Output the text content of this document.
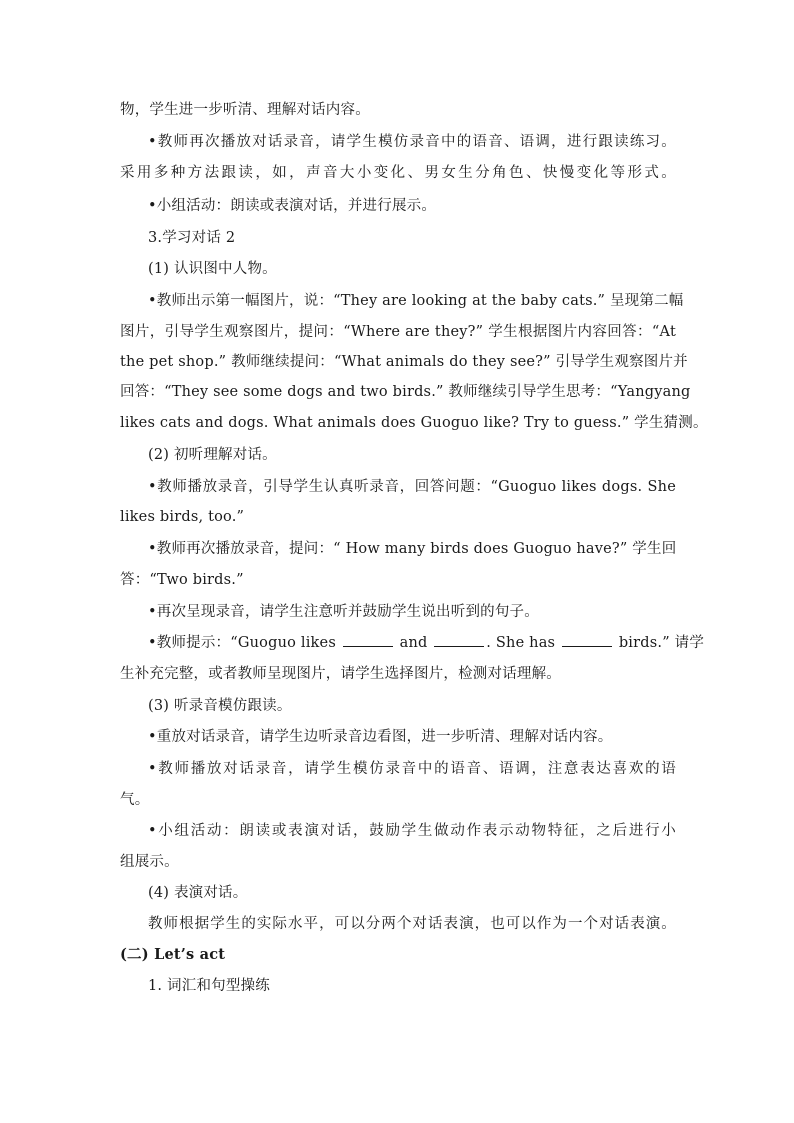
物，学生进一步听清、理解对话内容。
•教师再次播放对话录音，请学生模仿录音中的语音、语调，进行跟读练习。
采用多种方法跟读，如，声音大小变化、男女生分角色、快慢变化等形式。
•小组活动：朗读或表演对话，并进行展示。
3.学习对话 2
(1) 认识图中人物。
•教师出示第一幅图片，说：“They are looking at the baby cats.” 呈现第二幅
图片，引导学生观察图片，提问：“Where are they?” 学生根据图片内容回答：“At
the pet shop.” 教师继续提问：“What animals do they see?” 引导学生观察图片并
回答：“They see some dogs and two birds.” 教师继续引导学生思考：“Yangyang
likes cats and dogs. What animals does Guoguo like? Try to guess.” 学生猜测。
(2) 初听理解对话。
•教师播放录音，引导学生认真听录音，回答问题：“Guoguo likes dogs. She
likes birds, too.”
•教师再次播放录音，提问：“ How many birds does Guoguo have?” 学生回
答：“Two birds.”
•再次呈现录音，请学生注意听并鼓励学生说出听到的句子。
•教师提示：“Guoguo likes	and	. She has	birds.” 请学
生补充完整，或者教师呈现图片，请学生选择图片，检测对话理解。
(3) 听录音模仿跟读。
•重放对话录音，请学生边听录音边看图，进一步听清、理解对话内容。
•教师播放对话录音，请学生模仿录音中的语音、语调，注意表达喜欢的语
气。
•小组活动：朗读或表演对话，鼓励学生做动作表示动物特征，之后进行小
组展示。
(4) 表演对话。
教师根据学生的实际水平，可以分两个对话表演，也可以作为一个对话表演。
(二) Let’s act
1. 词汇和句型操练
